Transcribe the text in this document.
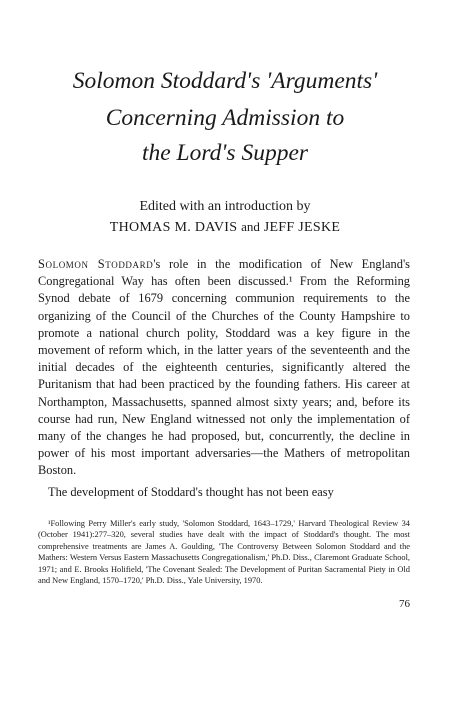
Solomon Stoddard's 'Arguments'
Concerning Admission to
the Lord's Supper
Edited with an introduction by
THOMAS M. DAVIS and JEFF JESKE
Solomon Stoddard's role in the modification of New England's Congregational Way has often been discussed.¹ From the Reforming Synod debate of 1679 concerning communion requirements to the organizing of the Council of the Churches of the County Hampshire to promote a national church polity, Stoddard was a key figure in the movement of reform which, in the latter years of the seventeenth and the initial decades of the eighteenth centuries, significantly altered the Puritanism that had been practiced by the founding fathers. His career at Northampton, Massachusetts, spanned almost sixty years; and, before its course had run, New England witnessed not only the implementation of many of the changes he had proposed, but, concurrently, the decline in power of his most important adversaries—the Mathers of metropolitan Boston.
The development of Stoddard's thought has not been easy
¹Following Perry Miller's early study, 'Solomon Stoddard, 1643–1729,' Harvard Theological Review 34 (October 1941):277–320, several studies have dealt with the impact of Stoddard's thought. The most comprehensive treatments are James A. Goulding, 'The Controversy Between Solomon Stoddard and the Mathers: Western Versus Eastern Massachusetts Congregationalism,' Ph.D. Diss., Claremont Graduate School, 1971; and E. Brooks Holifield, 'The Covenant Sealed: The Development of Puritan Sacramental Piety in Old and New England, 1570–1720,' Ph.D. Diss., Yale University, 1970.
76
